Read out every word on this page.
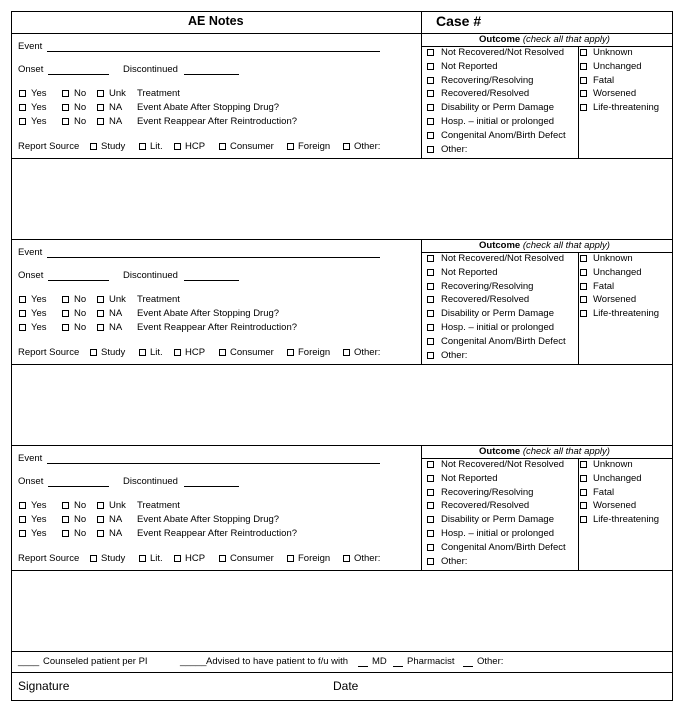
AE Notes	Case #
Event
Onset	Discontinued
Yes	No Unk Treatment
Yes	No NA Event Abate After Stopping Drug?
Yes	No NA Event Reappear After Reintroduction?
Report Source Study	Lit. HCP	Consumer	Foreign	Other:
Outcome (check all that apply)
Not Recovered/Not Resolved
Not Reported
Recovering/Resolving
Recovered/Resolved
Disability or Perm Damage
Hosp. – initial or prolonged
Congenital Anom/Birth Defect
Other:
Unknown
Unchanged
Fatal
Worsened
Life-threatening
Event
Onset	Discontinued
Yes	No Unk Treatment
Yes	No NA Event Abate After Stopping Drug?
Yes	No NA Event Reappear After Reintroduction?
Report Source Study	Lit. HCP	Consumer	Foreign	Other:
Outcome (check all that apply)
Not Recovered/Not Resolved
Not Reported
Recovering/Resolving
Recovered/Resolved
Disability or Perm Damage
Hosp. – initial or prolonged
Congenital Anom/Birth Defect
Other:
Unknown
Unchanged
Fatal
Worsened
Life-threatening
Event
Onset	Discontinued
Yes	No Unk Treatment
Yes	No NA Event Abate After Stopping Drug?
Yes	No NA Event Reappear After Reintroduction?
Report Source Study	Lit. HCP	Consumer	Foreign	Other:
Outcome (check all that apply)
Not Recovered/Not Resolved
Not Reported
Recovering/Resolving
Recovered/Resolved
Disability or Perm Damage
Hosp. – initial or prolonged
Congenital Anom/Birth Defect
Other:
Unknown
Unchanged
Fatal
Worsened
Life-threatening
____ Counseled patient per PI	_____ Advised to have patient to f/u with	MD Pharmacist Other:
Signature	Date
